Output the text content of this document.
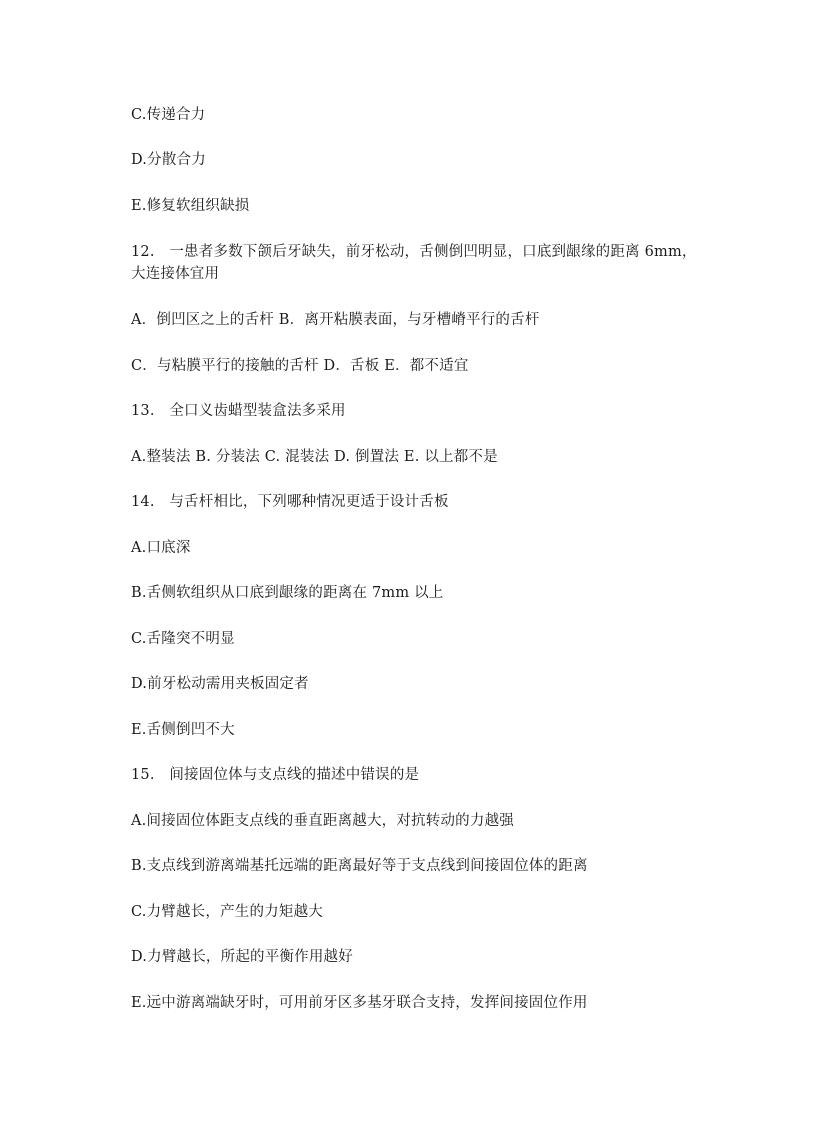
C.传递合力
D.分散合力
E.修复软组织缺损
12.　一患者多数下颌后牙缺失，前牙松动，舌侧倒凹明显，口底到龈缘的距离 6mm，
大连接体宜用
A．倒凹区之上的舌杆 B．离开粘膜表面，与牙槽嵴平行的舌杆
C．与粘膜平行的接触的舌杆 D．舌板 E．都不适宜
13.　全口义齿蜡型装盒法多采用
A.整装法 B. 分装法 C. 混装法 D. 倒置法 E. 以上都不是
14.　与舌杆相比，下列哪种情况更适于设计舌板
A.口底深
B.舌侧软组织从口底到龈缘的距离在 7mm 以上
C.舌隆突不明显
D.前牙松动需用夹板固定者
E.舌侧倒凹不大
15.　间接固位体与支点线的描述中错误的是
A.间接固位体距支点线的垂直距离越大，对抗转动的力越强
B.支点线到游离端基托远端的距离最好等于支点线到间接固位体的距离
C.力臂越长，产生的力矩越大
D.力臂越长，所起的平衡作用越好
E.远中游离端缺牙时，可用前牙区多基牙联合支持，发挥间接固位作用
